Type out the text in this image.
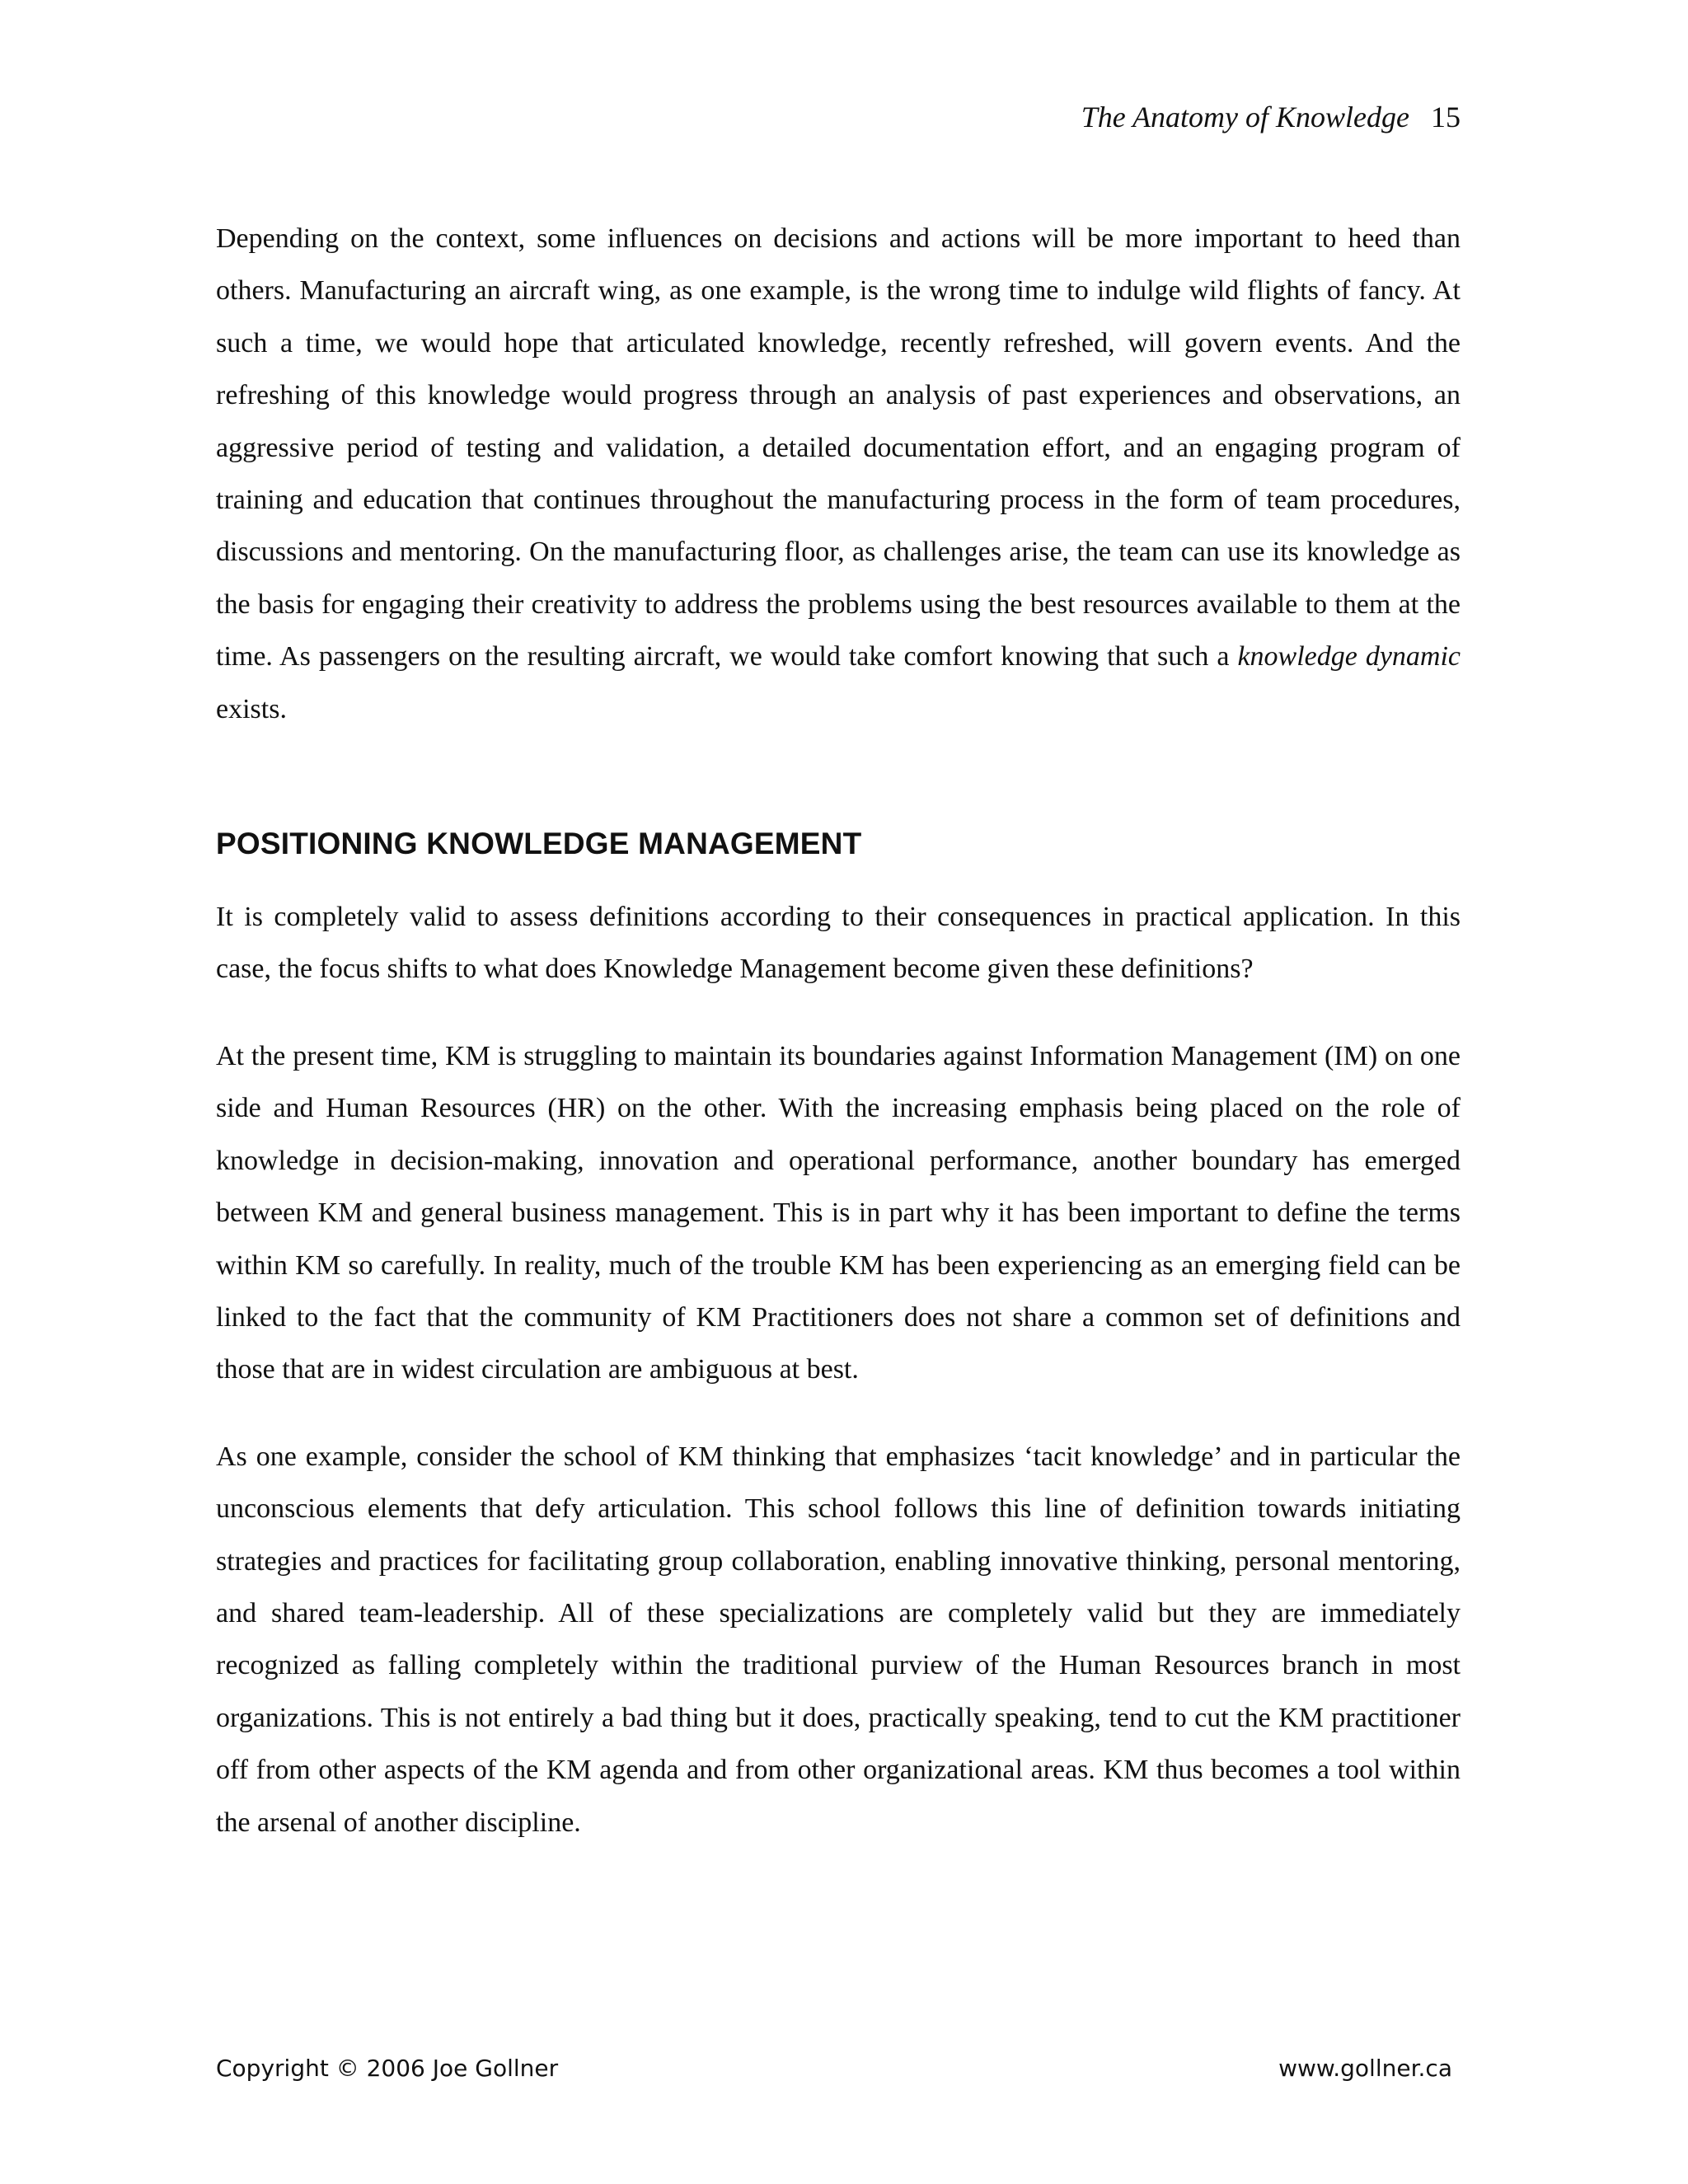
The Anatomy of Knowledge 15

Depending on the context, some influences on decisions and actions will be more important to heed than others. Manufacturing an aircraft wing, as one example, is the wrong time to indulge wild flights of fancy. At such a time, we would hope that articulated knowledge, recently refreshed, will govern events. And the refreshing of this knowledge would progress through an analysis of past experiences and observations, an aggressive period of testing and validation, a detailed documentation effort, and an engaging program of training and education that continues throughout the manufacturing process in the form of team procedures, discussions and mentoring. On the manufacturing floor, as challenges arise, the team can use its knowledge as the basis for engaging their creativity to address the problems using the best resources available to them at the time. As passengers on the resulting aircraft, we would take comfort knowing that such a knowledge dynamic exists.

POSITIONING KNOWLEDGE MANAGEMENT

It is completely valid to assess definitions according to their consequences in practical application. In this case, the focus shifts to what does Knowledge Management become given these definitions?

At the present time, KM is struggling to maintain its boundaries against Information Management (IM) on one side and Human Resources (HR) on the other. With the increasing emphasis being placed on the role of knowledge in decision-making, innovation and operational performance, another boundary has emerged between KM and general business management. This is in part why it has been important to define the terms within KM so carefully. In reality, much of the trouble KM has been experiencing as an emerging field can be linked to the fact that the community of KM Practitioners does not share a common set of definitions and those that are in widest circulation are ambiguous at best.

As one example, consider the school of KM thinking that emphasizes ‘tacit knowledge’ and in particular the unconscious elements that defy articulation. This school follows this line of definition towards initiating strategies and practices for facilitating group collaboration, enabling innovative thinking, personal mentoring, and shared team-leadership. All of these specializations are completely valid but they are immediately recognized as falling completely within the traditional purview of the Human Resources branch in most organizations. This is not entirely a bad thing but it does, practically speaking, tend to cut the KM practitioner off from other aspects of the KM agenda and from other organizational areas. KM thus becomes a tool within the arsenal of another discipline.

Copyright © 2006 Joe Gollner	www.gollner.ca
